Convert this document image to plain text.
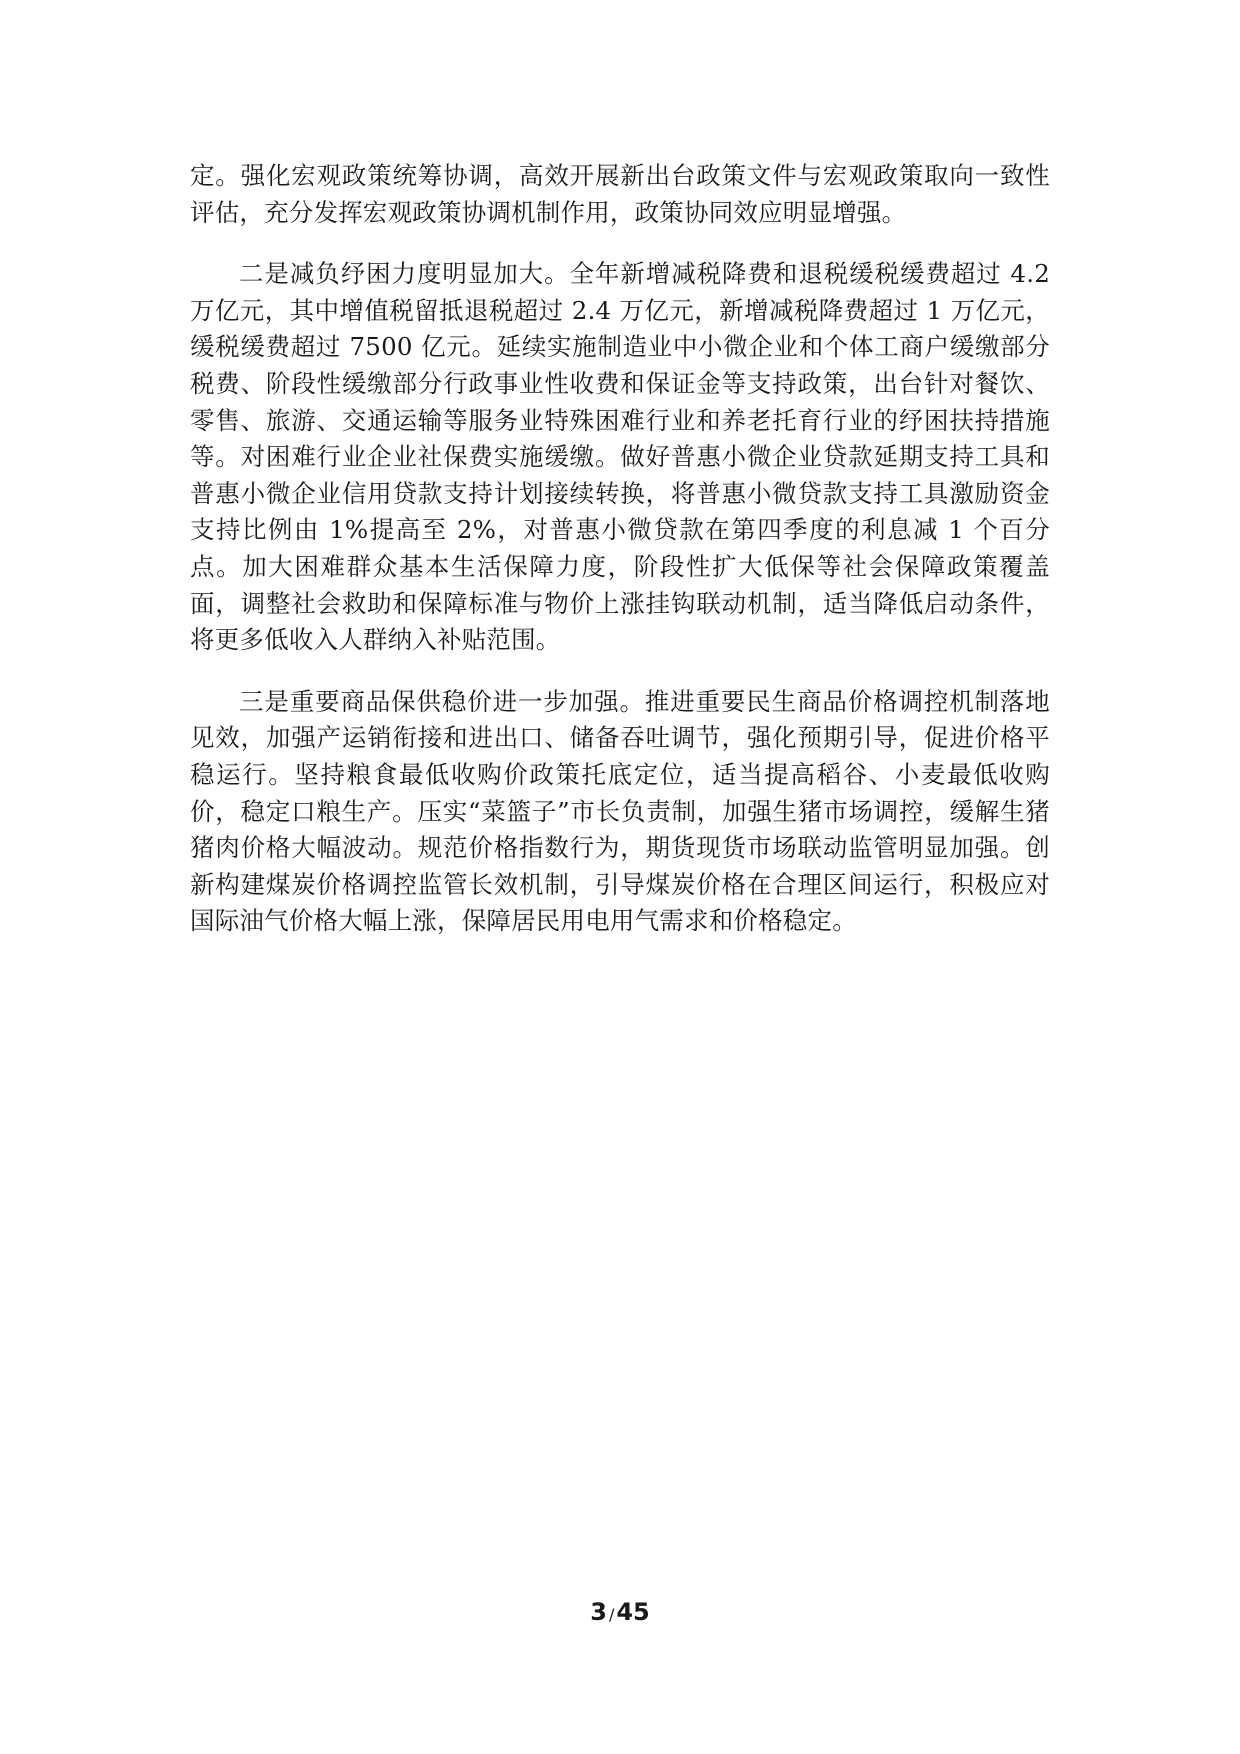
定。强化宏观政策统筹协调，高效开展新出台政策文件与宏观政策取向一致性评估，充分发挥宏观政策协调机制作用，政策协同效应明显增强。

二是减负纾困力度明显加大。全年新增减税降费和退税缓税缓费超过 4.2 万亿元，其中增值税留抵退税超过 2.4 万亿元，新增减税降费超过 1 万亿元，缓税缓费超过 7500 亿元。延续实施制造业中小微企业和个体工商户缓缴部分税费、阶段性缓缴部分行政事业性收费和保证金等支持政策，出台针对餐饮、零售、旅游、交通运输等服务业特殊困难行业和养老托育行业的纾困扶持措施等。对困难行业企业社保费实施缓缴。做好普惠小微企业贷款延期支持工具和普惠小微企业信用贷款支持计划接续转换，将普惠小微贷款支持工具激励资金支持比例由 1%提高至 2%，对普惠小微贷款在第四季度的利息减 1 个百分点。加大困难群众基本生活保障力度，阶段性扩大低保等社会保障政策覆盖面，调整社会救助和保障标准与物价上涨挂钩联动机制，适当降低启动条件，将更多低收入人群纳入补贴范围。

三是重要商品保供稳价进一步加强。推进重要民生商品价格调控机制落地见效，加强产运销衔接和进出口、储备吞吐调节，强化预期引导，促进价格平稳运行。坚持粮食最低收购价政策托底定位，适当提高稻谷、小麦最低收购价，稳定口粮生产。压实“菜篮子”市长负责制，加强生猪市场调控，缓解生猪猪肉价格大幅波动。规范价格指数行为，期货现货市场联动监管明显加强。创新构建煤炭价格调控监管长效机制，引导煤炭价格在合理区间运行，积极应对国际油气价格大幅上涨，保障居民用电用气需求和价格稳定。

3 /45
